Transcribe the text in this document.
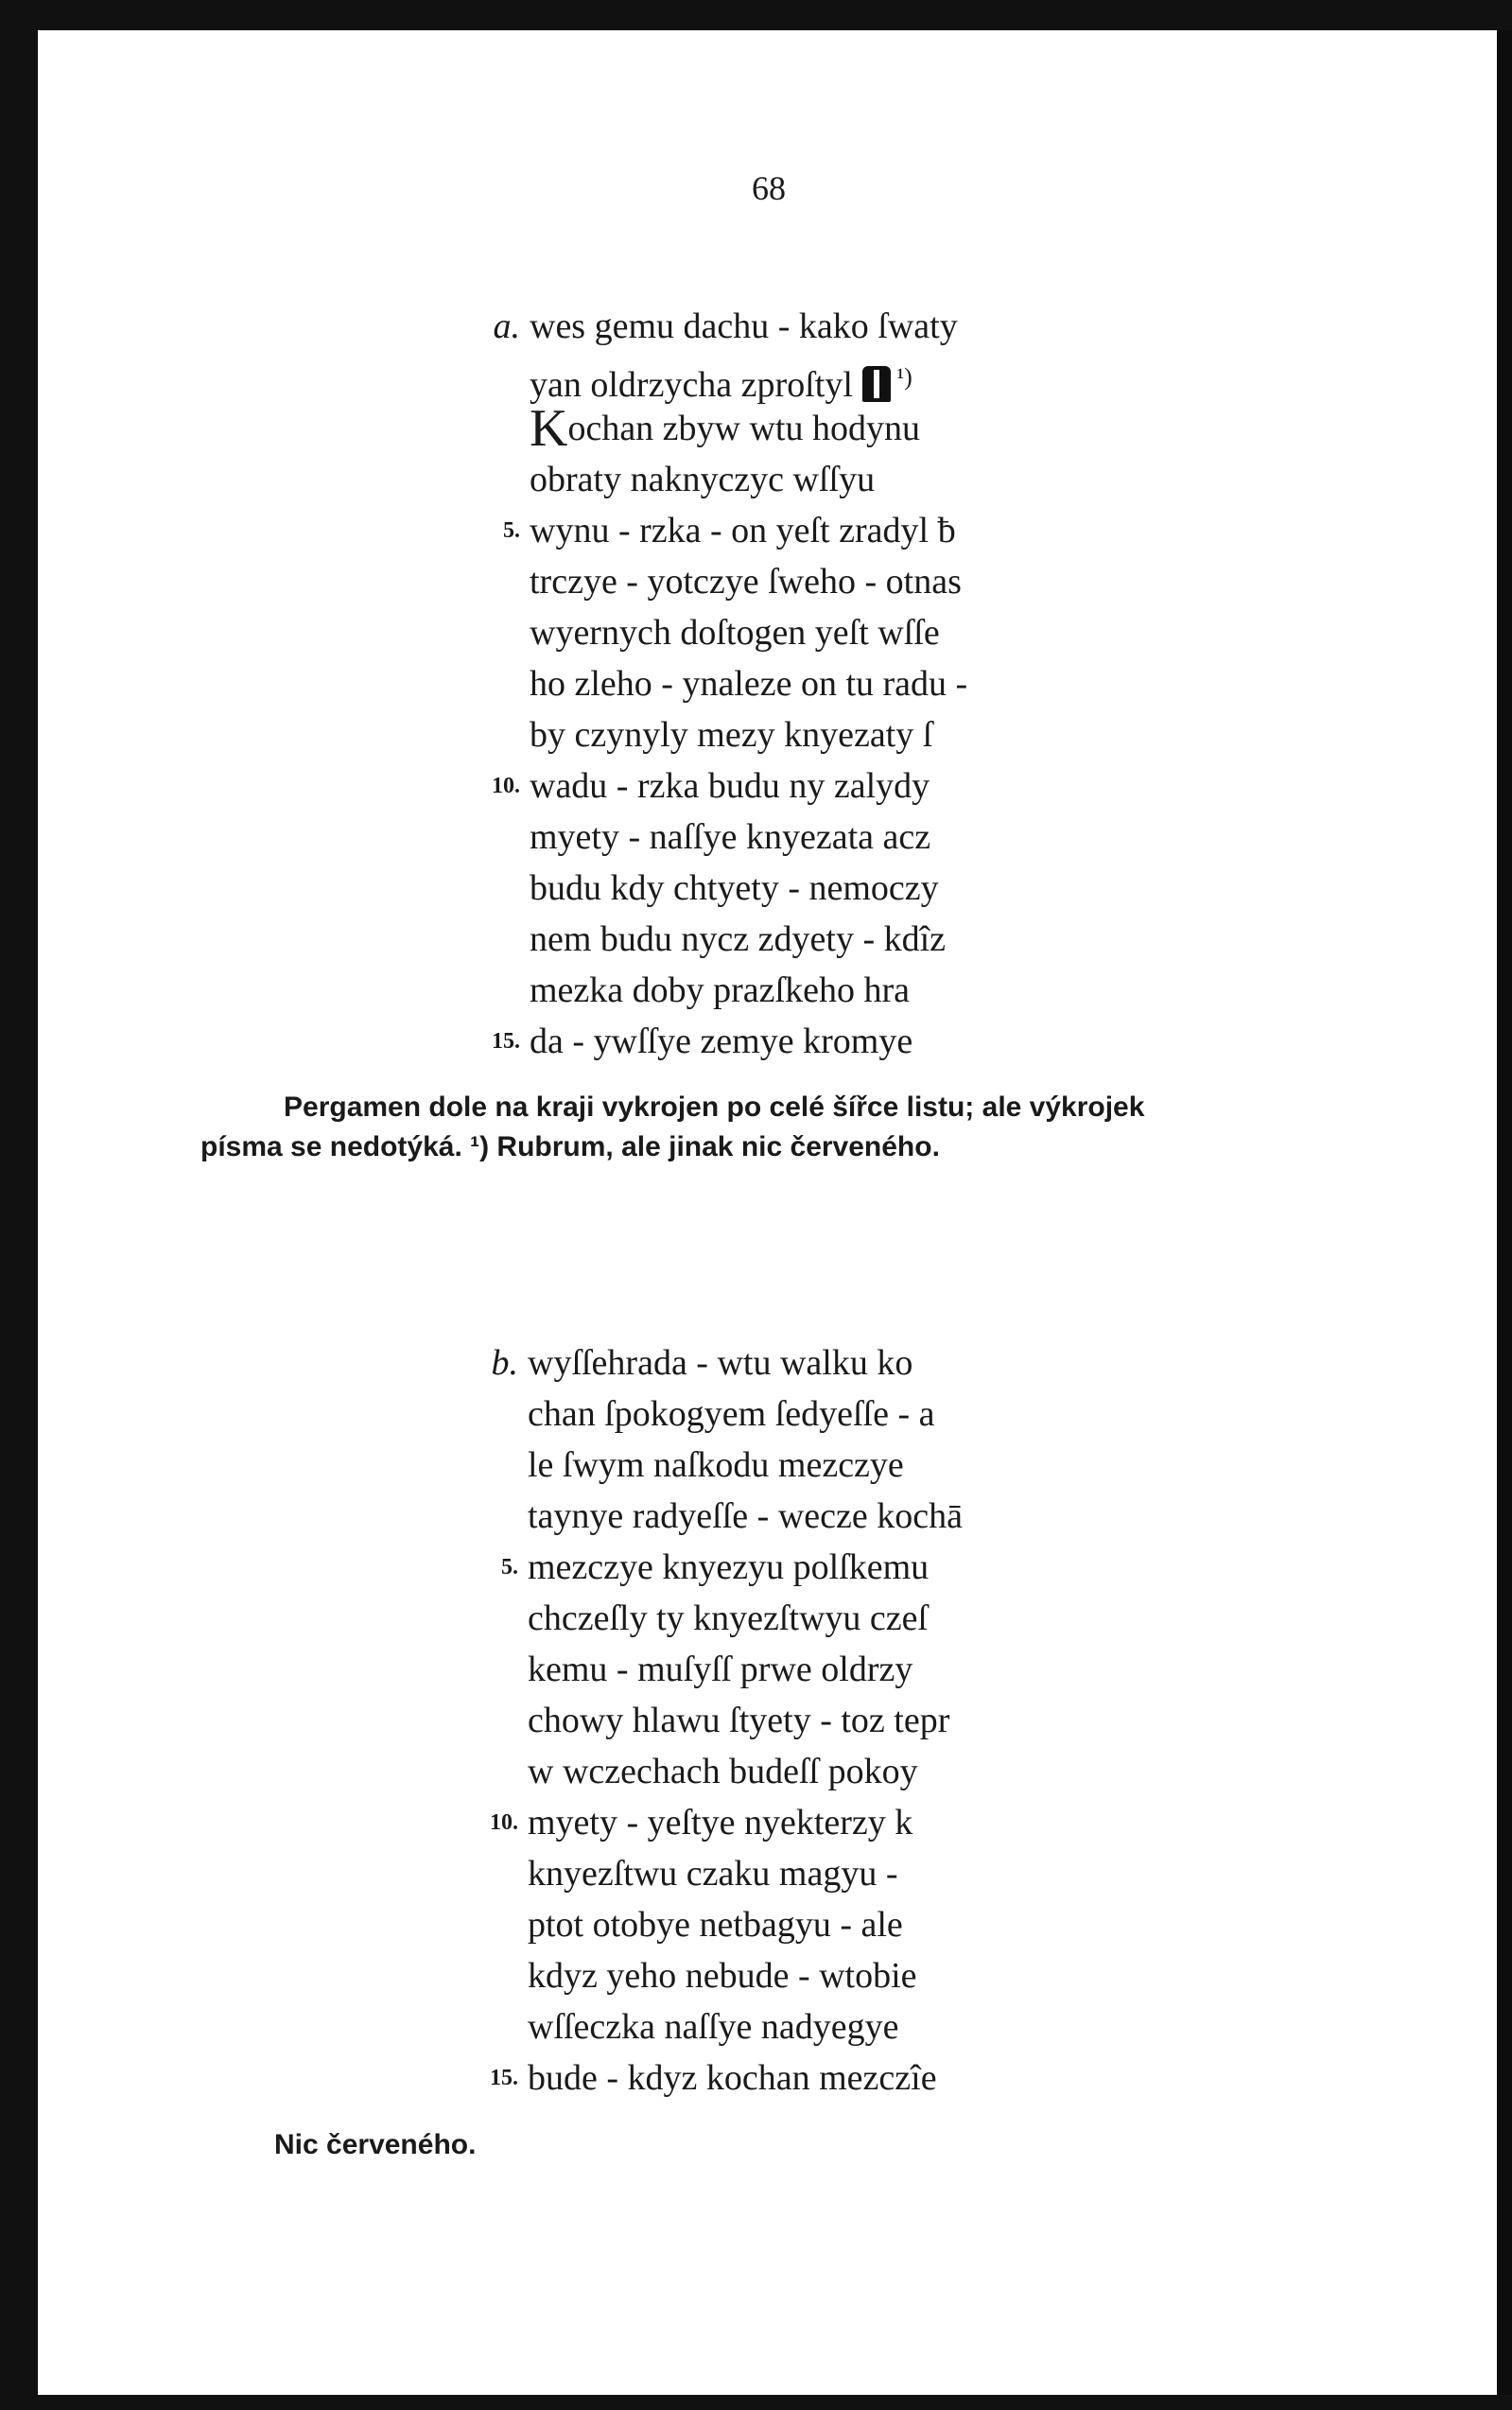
68
a. wes gemu dachu - kako ſwaty
yan oldrzycha zproſtyl $^{^1)}$
Kochan zbyw wtu hodynu
obraty naknyczyc wſſyu
5. wynu - rzka - on yeſt zradyl ƀ
trczye - yotczye ſweho - otnas
wyernych doſtogen yeſt wſſe
ho zleho - ynaleze on tu radu -
by czynyly mezy knyezaty ſ
10. wadu - rzka budu ny zalydy
myety - naſſye knyezata acz
budu kdy chtyety - nemoczy
nem budu nycz zdyety - kdîz
mezka doby prazſkeho hra
15. da - ywſſye zemye kromye
Pergamen dole na kraji vykrojen po celé šířce listu; ale výkrojek
písma se nedotýká. ¹) Rubrum, ale jinak nic červeného.
b. wyſſehrada - wtu walku ko
chan ſpokogyem ſedyeſſe - a
le ſwym naſkodu mezczye
taynye radyeſſe - wecze kochā
5. mezczye knyezyu polſkemu
chczeſly ty knyezſtwyu czeſ
kemu - muſyſſ prwe oldrzy
chowy hlawu ſtyety - toz tepr
w wczechach budeſſ pokoy
10. myety - yeſtye nyekterzy k
knyezſtwu czaku magyu -
ptot otobye netbagyu - ale
kdyz yeho nebude - wtobie
wſſeczka naſſye nadyegye
15. bude - kdyz kochan mezczîe
Nic červeného.
